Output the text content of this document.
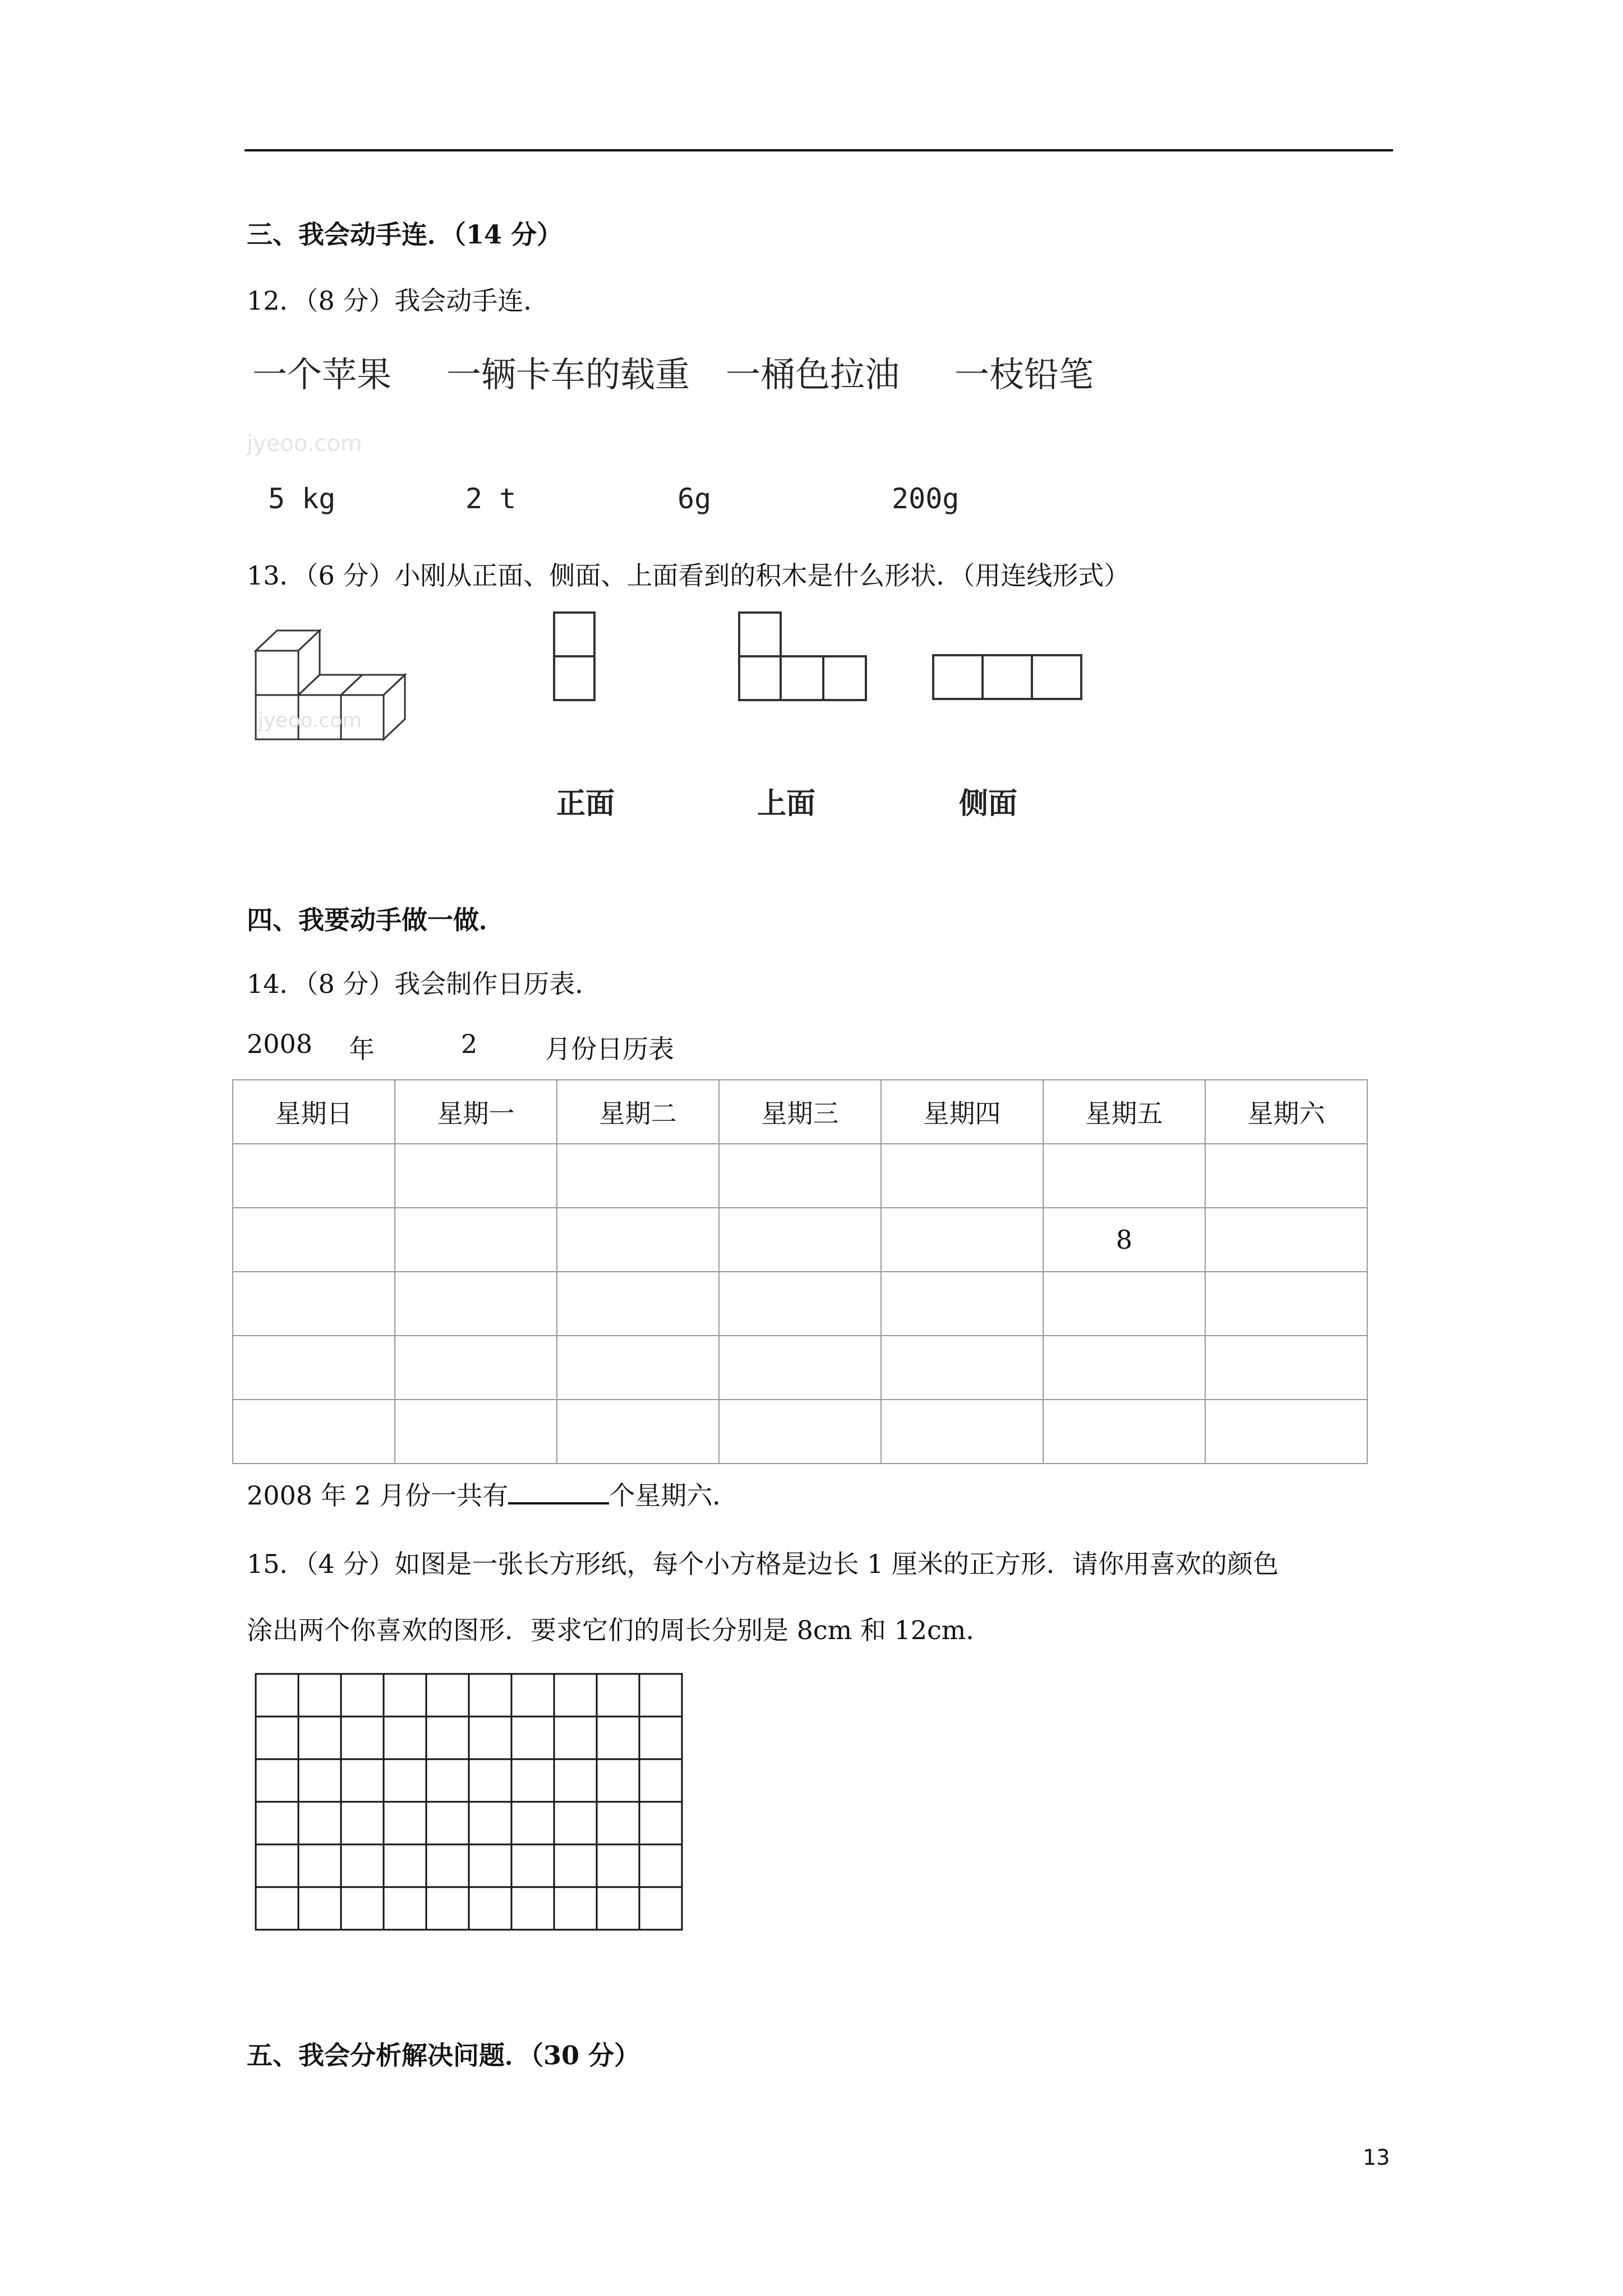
三、我会动手连．（14 分）
12．（8 分）我会动手连．
一个苹果 一辆卡车的载重 一桶色拉油 一枝铅笔
jyeoo.com
5 kg	2 t	6g	200g
13．（6 分）小刚从正面、侧面、上面看到的积木是什么形状．（用连线形式）
jyeoo.com
正面	上面	侧面
四、我要动手做一做．
14．（8 分）我会制作日历表．
2008 年	2	月份日历表
星期日	星期一	星期二	星期三	星期四	星期五	星期六

					8	

2008 年 2 月份一共有	个星期六．
15．（4 分）如图是一张长方形纸，每个小方格是边长 1 厘米的正方形．请你用喜欢的颜色
涂出两个你喜欢的图形．要求它们的周长分别是 8cm 和 12cm．
五、我会分析解决问题．（30 分）
13
